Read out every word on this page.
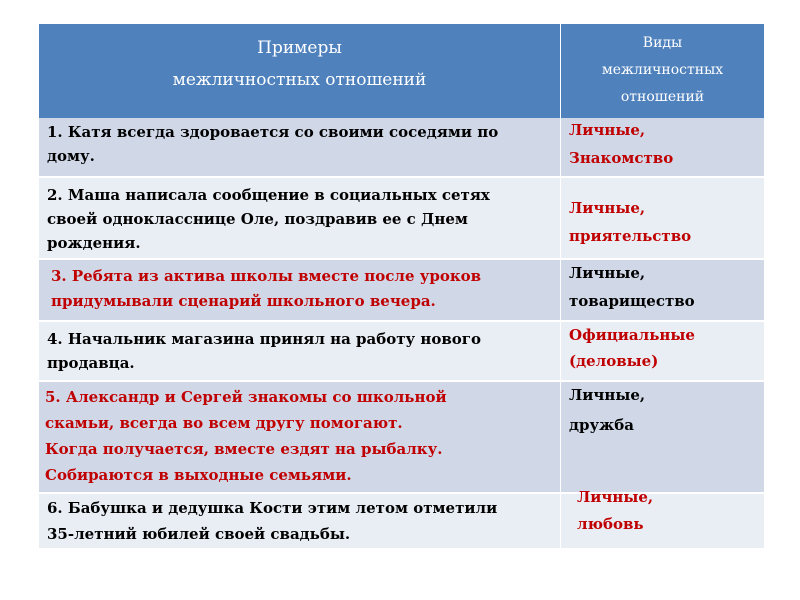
Примеры
межличностных отношений
Виды
межличностных
отношений
1. Катя всегда здоровается со своими соседями по
дому.
Личные,
Знакомство
2. Маша написала сообщение в социальных сетях
своей однокласснице Оле, поздравив ее с Днем
рождения.
Личные,
приятельство
3. Ребята из актива школы вместе после уроков
придумывали сценарий школьного вечера.
Личные,
товарищество
4. Начальник магазина принял на работу нового
продавца.
Официальные
(деловые)
5. Александр и Сергей знакомы со школьной
скамьи, всегда во всем другу помогают.
Когда получается, вместе ездят на рыбалку.
Собираются в выходные семьями.
Личные,
дружба
6. Бабушка и дедушка Кости этим летом отметили
35-летний юбилей своей свадьбы.
Личные,
любовь
